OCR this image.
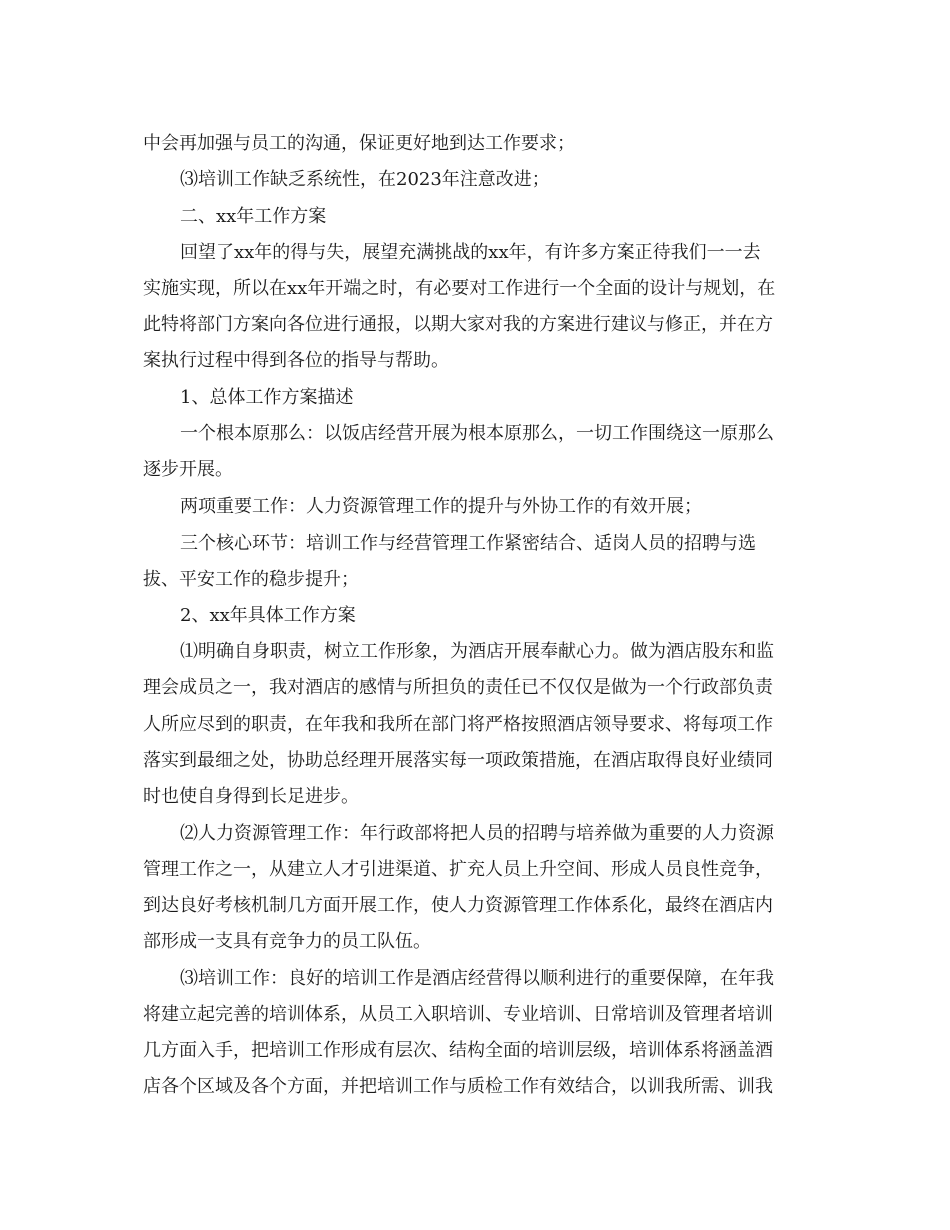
中会再加强与员工的沟通，保证更好地到达工作要求；

⑶培训工作缺乏系统性，在2023年注意改进；

二、xx年工作方案

回望了xx年的得与失，展望充满挑战的xx年，有许多方案正待我们一一去

实施实现，所以在xx年开端之时，有必要对工作进行一个全面的设计与规划，在

此特将部门方案向各位进行通报，以期大家对我的方案进行建议与修正，并在方

案执行过程中得到各位的指导与帮助。

1、总体工作方案描述

一个根本原那么：以饭店经营开展为根本原那么，一切工作围绕这一原那么

逐步开展。

两项重要工作：人力资源管理工作的提升与外协工作的有效开展；

三个核心环节：培训工作与经营管理工作紧密结合、适岗人员的招聘与选

拔、平安工作的稳步提升；

2、xx年具体工作方案

⑴明确自身职责，树立工作形象，为酒店开展奉献心力。做为酒店股东和监

理会成员之一，我对酒店的感情与所担负的责任已不仅仅是做为一个行政部负责

人所应尽到的职责，在年我和我所在部门将严格按照酒店领导要求、将每项工作

落实到最细之处，协助总经理开展落实每一项政策措施，在酒店取得良好业绩同

时也使自身得到长足进步。

⑵人力资源管理工作：年行政部将把人员的招聘与培养做为重要的人力资源

管理工作之一，从建立人才引进渠道、扩充人员上升空间、形成人员良性竞争，

到达良好考核机制几方面开展工作，使人力资源管理工作体系化，最终在酒店内

部形成一支具有竞争力的员工队伍。

⑶培训工作：良好的培训工作是酒店经营得以顺利进行的重要保障，在年我

将建立起完善的培训体系，从员工入职培训、专业培训、日常培训及管理者培训

几方面入手，把培训工作形成有层次、结构全面的培训层级，培训体系将涵盖酒

店各个区域及各个方面，并把培训工作与质检工作有效结合，以训我所需、训我
